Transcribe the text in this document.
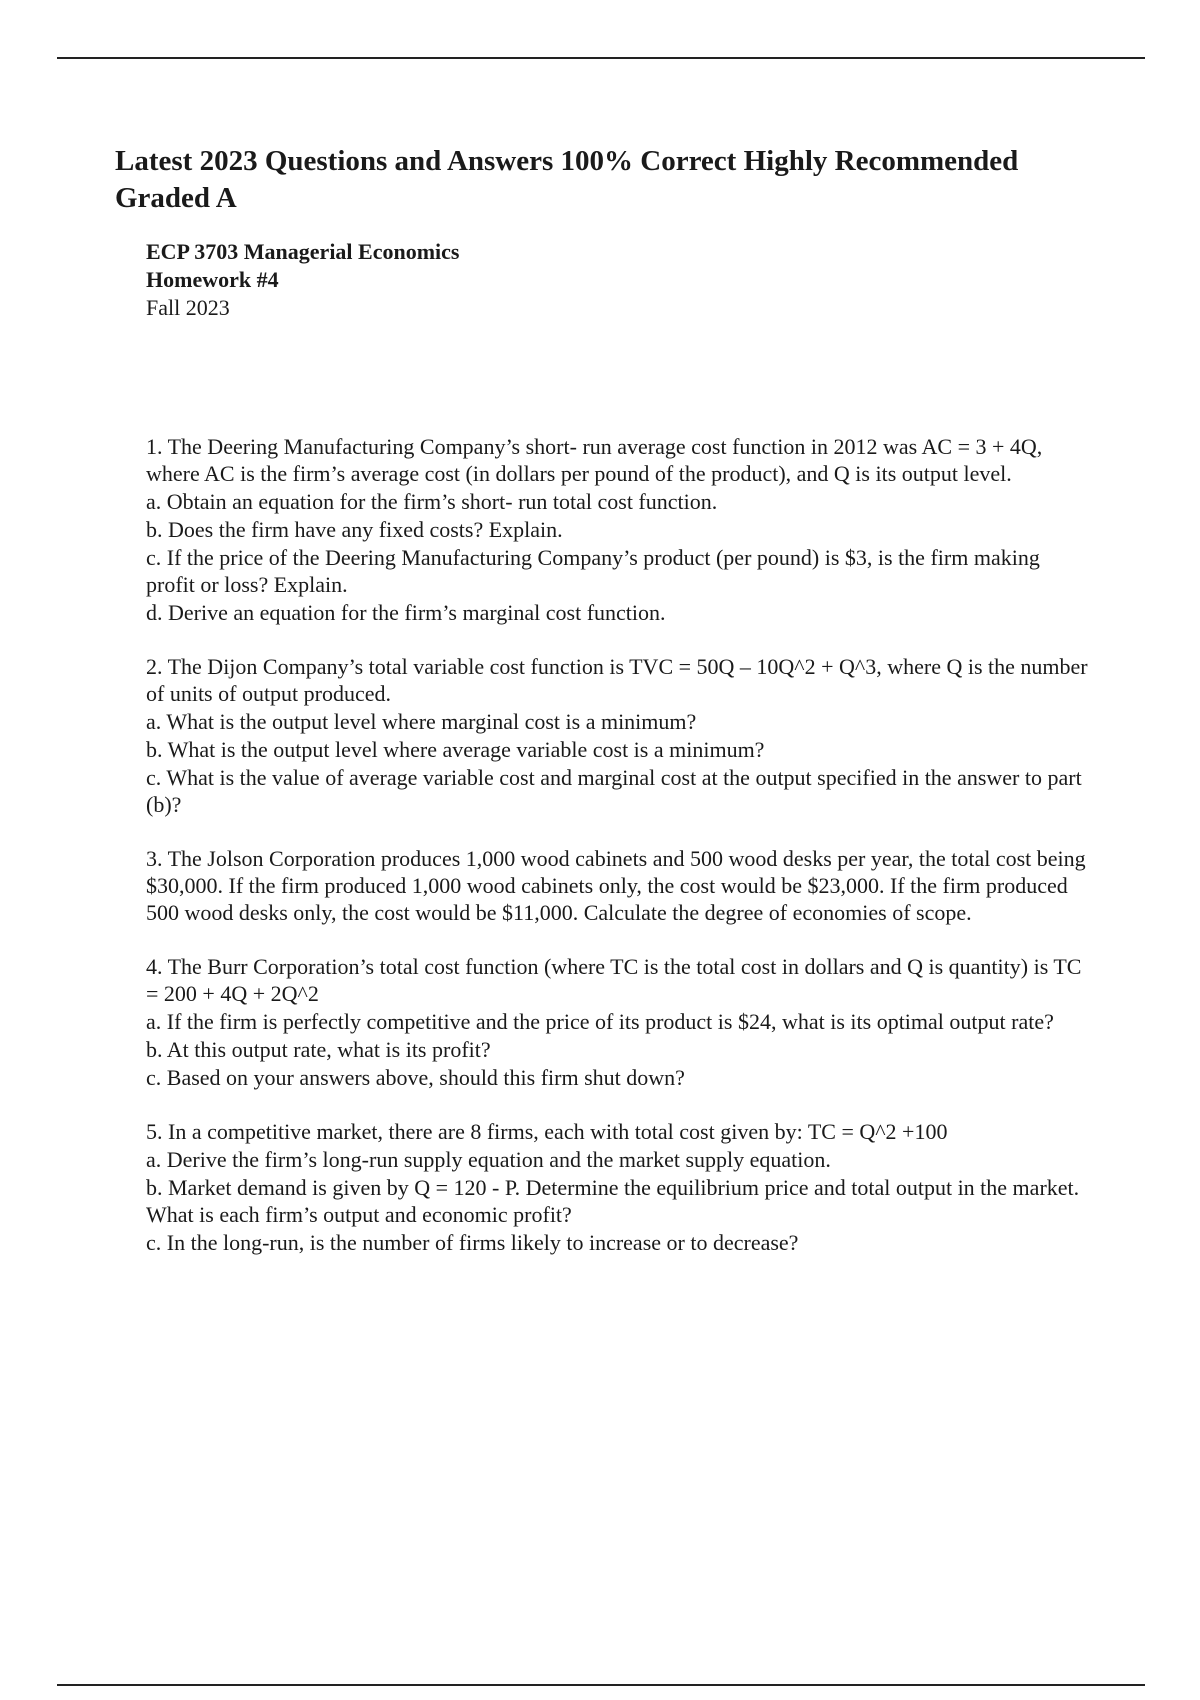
Latest 2023 Questions and Answers 100% Correct Highly Recommended Graded A
ECP 3703 Managerial Economics
Homework #4
Fall 2023

1. The Deering Manufacturing Company’s short- run average cost function in 2012 was AC = 3 + 4Q, where AC is the firm’s average cost (in dollars per pound of the product), and Q is its output level.

a. Obtain an equation for the firm’s short- run total cost function.

b. Does the firm have any fixed costs? Explain.

c. If the price of the Deering Manufacturing Company’s product (per pound) is $3, is the firm making profit or loss? Explain.

d. Derive an equation for the firm’s marginal cost function.

2. The Dijon Company’s total variable cost function is TVC = 50Q – 10Q^2 + Q^3, where Q is the number of units of output produced.

a. What is the output level where marginal cost is a minimum?

b. What is the output level where average variable cost is a minimum?

c. What is the value of average variable cost and marginal cost at the output specified in the answer to part (b)?

3. The Jolson Corporation produces 1,000 wood cabinets and 500 wood desks per year, the total cost being $30,000. If the firm produced 1,000 wood cabinets only, the cost would be $23,000. If the firm produced 500 wood desks only, the cost would be $11,000. Calculate the degree of economies of scope.

4. The Burr Corporation’s total cost function (where TC is the total cost in dollars and Q is quantity) is TC = 200 + 4Q + 2Q^2

a. If the firm is perfectly competitive and the price of its product is $24, what is its optimal output rate?

b. At this output rate, what is its profit?

c. Based on your answers above, should this firm shut down?

5. In a competitive market, there are 8 firms, each with total cost given by: TC = Q^2 +100

a. Derive the firm’s long-run supply equation and the market supply equation.

b. Market demand is given by Q = 120 - P. Determine the equilibrium price and total output in the market. What is each firm’s output and economic profit?

c. In the long-run, is the number of firms likely to increase or to decrease?
